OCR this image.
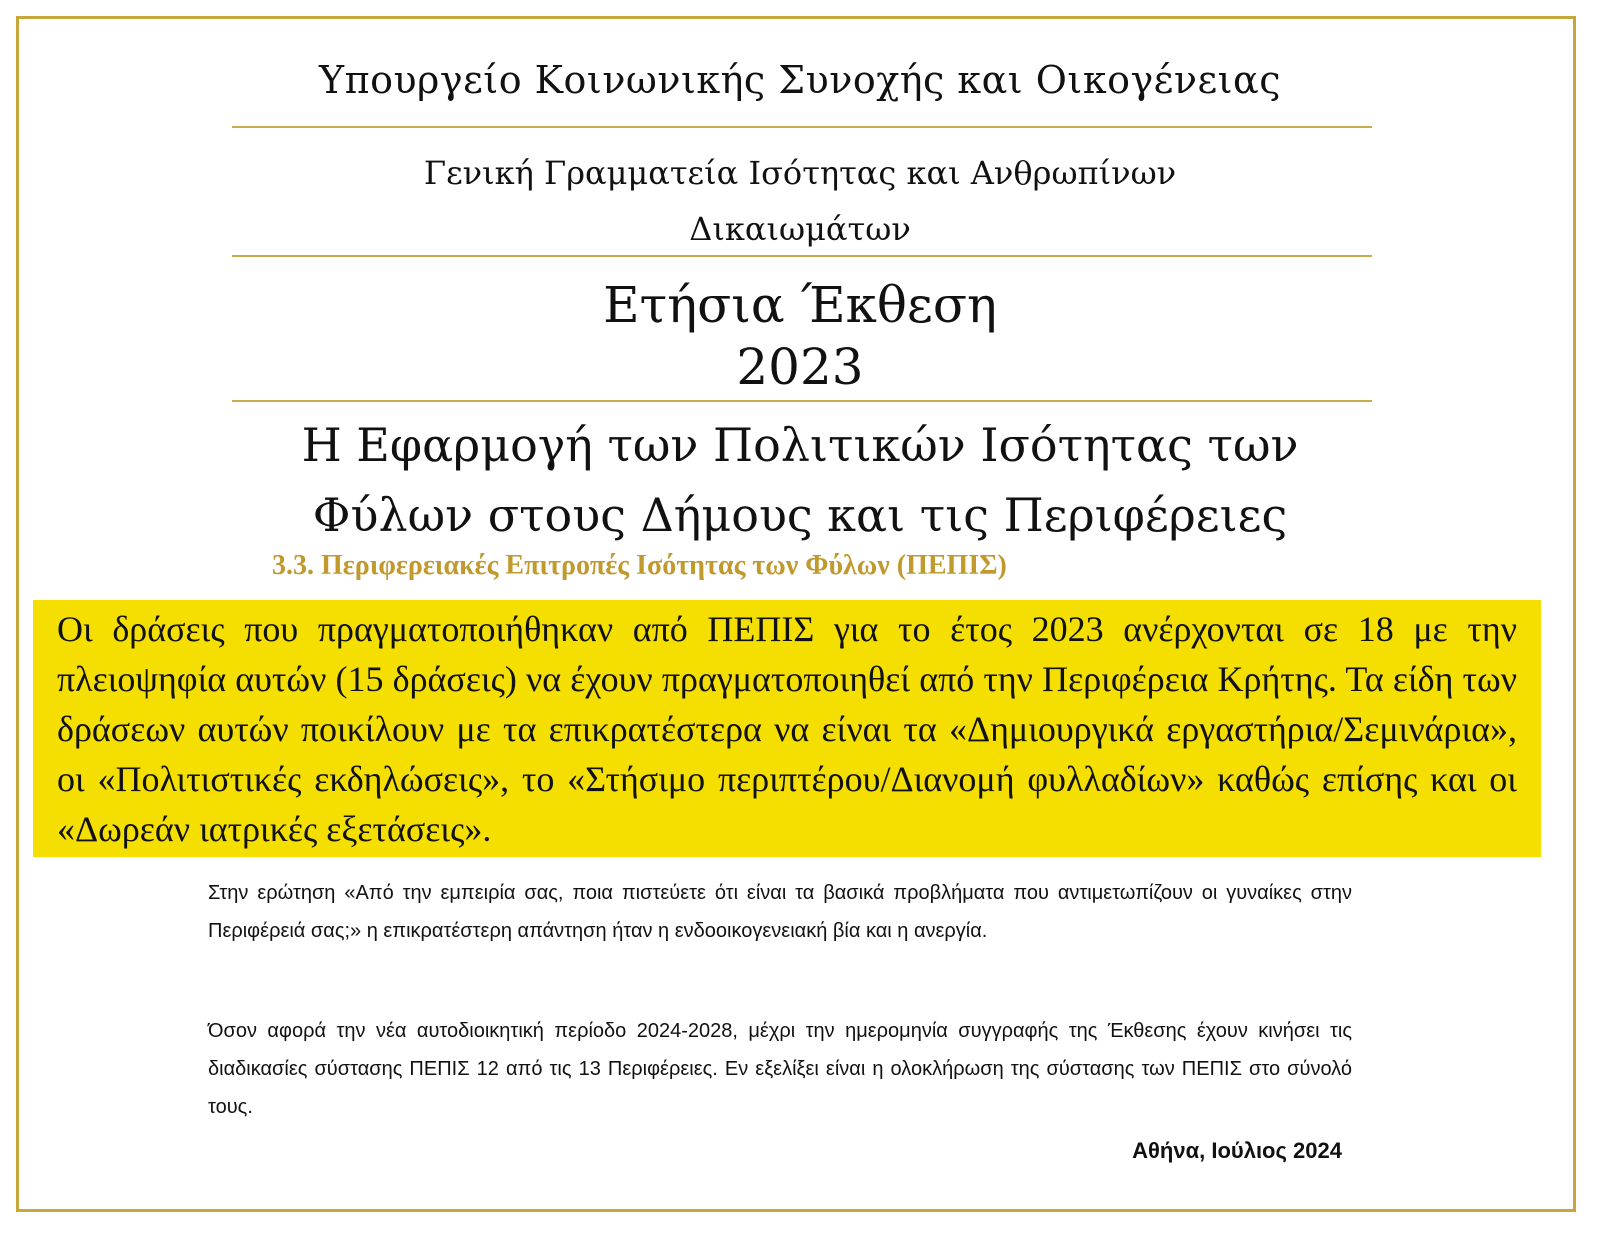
Υπουργείο Κοινωνικής Συνοχής και Οικογένειας
Γενική Γραμματεία Ισότητας και Ανθρωπίνων
Δικαιωμάτων
Ετήσια Έκθεση
2023
Η Εφαρμογή των Πολιτικών Ισότητας των
Φύλων στους Δήμους και τις Περιφέρειες
3.3. Περιφερειακές Επιτροπές Ισότητας των Φύλων (ΠΕΠΙΣ)
Οι δράσεις που πραγματοποιήθηκαν από ΠΕΠΙΣ για το έτος 2023 ανέρχονται σε 18 με την πλειοψηφία αυτών (15 δράσεις) να έχουν πραγματοποιηθεί από την Περιφέρεια Κρήτης. Τα είδη των δράσεων αυτών ποικίλουν με τα επικρατέστερα να είναι τα «Δημιουργικά εργαστήρια/Σεμινάρια», οι «Πολιτιστικές εκδηλώσεις», το «Στήσιμο περιπτέρου/Διανομή φυλλαδίων» καθώς επίσης και οι «Δωρεάν ιατρικές εξετάσεις».
Στην ερώτηση «Από την εμπειρία σας, ποια πιστεύετε ότι είναι τα βασικά προβλήματα που αντιμετωπίζουν οι γυναίκες στην Περιφέρειά σας;» η επικρατέστερη απάντηση ήταν η ενδοοικογενειακή βία και η ανεργία.
Όσον αφορά την νέα αυτοδιοικητική περίοδο 2024-2028, μέχρι την ημερομηνία συγγραφής της Έκθεσης έχουν κινήσει τις διαδικασίες σύστασης ΠΕΠΙΣ 12 από τις 13 Περιφέρειες. Εν εξελίξει είναι η ολοκλήρωση της σύστασης των ΠΕΠΙΣ στο σύνολό τους.
Αθήνα, Ιούλιος 2024
